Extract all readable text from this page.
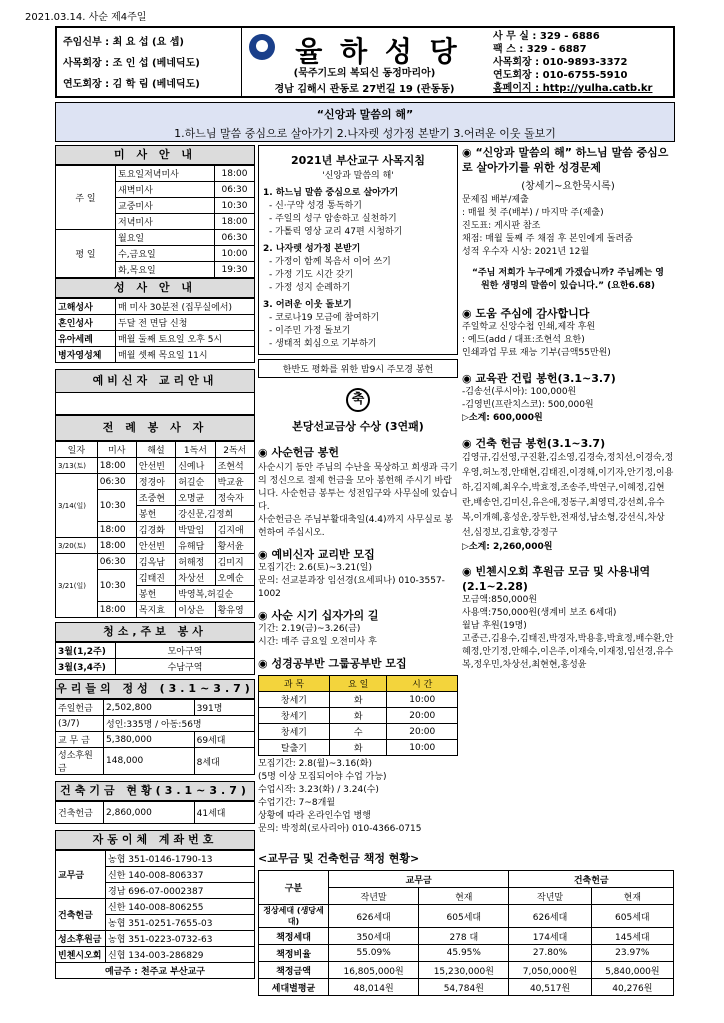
2021.03.14. 사순 제4주일
주임신부 : 최 요 섭 (요 셉)
사목회장 : 조 인 섭 (베네딕도)
연도회장 : 김 학 림 (베네딕도)
율 하 성 당
(묵주기도의 복되신 동정마리아)
경남 김해시 관동로 27번길 19 (관동동)
사 무 실 : 329 - 6886
팩 스 : 329 - 6887
사목회장 : 010-9893-3372
연도회장 : 010-6755-5910
홈페이지 : http://yulha.catb.kr
“신앙과 말씀의 해”
1.하느님 말씀 중심으로 살아가기 2.나자렛 성가정 본받기 3.어려운 이웃 돌보기
미 사 안 내
주 일	토요일저녁미사	18:00
	새벽미사	06:30
	교중미사	10:30
	저녁미사	18:00
평 일	월요일	06:30
	수,금요일	10:00
	화,목요일	19:30
성 사 안 내
고해성사	매 미사 30분전 (집무실에서)
혼인성사	두달 전 면담 신청
유아세례	매월 둘째 토요일 오후 5시
병자영성체	매월 셋째 목요일 11시
예비신자 교리안내
전 례 봉 사 자
일자	미사	해설	1독서	2독서
3/13(토)	18:00	안선빈	신예나	조현석
3/14(일)	06:30	정경아	허길순	박교윤
	10:30	조중현	오명균	정숙자
		봉헌	강신문,김정희	
	18:00	김경화	박말임	김지애
3/20(토)	18:00	안선빈	유해담	황서윤
3/21(일)	06:30	김옥남	허해정	김미지
	10:30	김태진	차상선	오예순
		봉헌	박영복,허길순	
	18:00	목지효	이상은	황유영
청소,주보 봉사
3월(1,2주)	모아구역
3월(3,4주)	수남구역
우리들의 정성 (3.1~3.7)
주일헌금	2,502,800	391명
(3/7)	성인:335명 / 아동:56명	
교 무 금	5,380,000	69세대
성소후원금	148,000	8세대
건축기금 현황(3.1~3.7)
건축헌금	2,860,000	41세대
자동이체 계좌번호
교무금	농협 351-0146-1790-13
	신한 140-008-806337
	경남 696-07-0002387
건축헌금	신한 140-008-806255
	농협 351-0251-7655-03
성소후원금	농협 351-0223-0732-63
빈첸시오회	신협 134-003-286829
예금주 : 천주교 부산교구	
2021년 부산교구 사목지침
'신앙과 말씀의 해'
1. 하느님 말씀 중심으로 살아가기
- 신·구약 성경 통독하기
- 주일의 성구 암송하고 실천하기
- 가톨릭 영상 교리 47편 시청하기
2. 나자렛 성가정 본받기
- 가정이 함께 복음서 이어 쓰기
- 가정 기도 시간 갖기
- 가정 성지 순례하기
3. 어려운 이웃 돌보기
- 코로나19 모금에 참여하기
- 이주민 가정 돌보기
- 생태적 회심으로 기부하기
한반도 평화를 위한 밤9시 주모경 봉헌
축
본당선교금상 수상 (3연패)
◉ 사순헌금 봉헌
사순시기 동안 주님의 수난을 묵상하고 희생과 극기의 정신으로 절제 헌금을 모아 봉헌해 주시기 바랍니다. 사순헌금 봉투는 성전입구와 사무실에 있습니다.
사순헌금은 주님부활대축일(4.4)까지 사무실로 봉헌하여 주십시오.
◉ 예비신자 교리반 모집
모집기간: 2.6(토)~3.21(일)
문의: 선교분과장 임선경(요세피나) 010-3557-1002
◉ 사순 시기 십자가의 길
기간: 2.19(금)~3.26(금)
시간: 매주 금요일 오전미사 후
◉ 성경공부반 그룹공부반 모집
과 목	요 일	시 간
창세기	화	10:00
창세기	화	20:00
창세기	수	20:00
탈출기	화	10:00
모집기간: 2.8(월)~3.16(화)
(5명 이상 모집되어야 수업 가능)
수업시작: 3.23(화) / 3.24(수)
수업기간: 7~8개월
상황에 따라 온라인수업 병행
문의: 박정희(로사리아) 010-4366-0715
◉ “신앙과 말씀의 해” 하느님 말씀 중심으로 살아가기를 위한 성경문제
(창세기~요한묵시록)
문제집 배부/제출
: 매월 첫 주(배부) / 마지막 주(제출)
진도표: 게시판 참조
채점: 매월 둘째 주 채점 후 본인에게 돌려줌
성적 우수자 시상: 2021년 12월
“주님 저희가 누구에게 가겠습니까? 주님께는 영원한 생명의 말씀이 있습니다.” (요한6.68)
◉ 도움 주심에 감사합니다
주일학교 신앙수첩 인쇄,제작 후원
: 예드(add / 대표:조현석 요한)
인쇄과업 무료 재능 기부(금액55만원)
◉ 교육관 건립 봉헌(3.1~3.7)
-김송선(루시아): 100,000원
-김영빈(프란치스코): 500,000원
▷소계: 600,000원
◉ 건축 헌금 봉헌(3.1~3.7)
김영규,김선영,구진환,김소영,김경숙,정치선,이경숙,정우영,허노정,안태현,김태진,이경해,이기자,안기정,이용하,김지혜,최우수,박효정,조송주,박연구,이혜정,김현란,배송언,김미신,유은애,정동구,최영덕,강선희,유수복,이개혜,홍성운,장두한,전재성,남소형,강선식,차상선,심정보,김효향,강정구
▷소계: 2,260,000원
◉ 빈첸시오회 후원금 모금 및 사용내역(2.1~2.28)
모금액:850,000원
사용액:750,000원(생계비 보조 6세대)
월남 후원(19명)
고종근,김용수,김태진,박경자,박용흥,박효정,배수환,안혜정,안기정,안해수,이은주,이재숙,이재정,임선경,유수복,정우민,차상선,최현현,홍성윤
<교무금 및 건축헌금 책정 현황>
구분	교무금		건축헌금	
	작년말	현재	작년말	현재
정상세대 (생당세대)	626세대	605세대	626세대	605세대
책정세대	350세대	278 대	174세대	145세대
책정비율	55.09%	45.95%	27.80%	23.97%
책정금액	16,805,000원	15,230,000원	7,050,000원	5,840,000원
세대별평균	48,014원	54,784원	40,517원	40,276원
